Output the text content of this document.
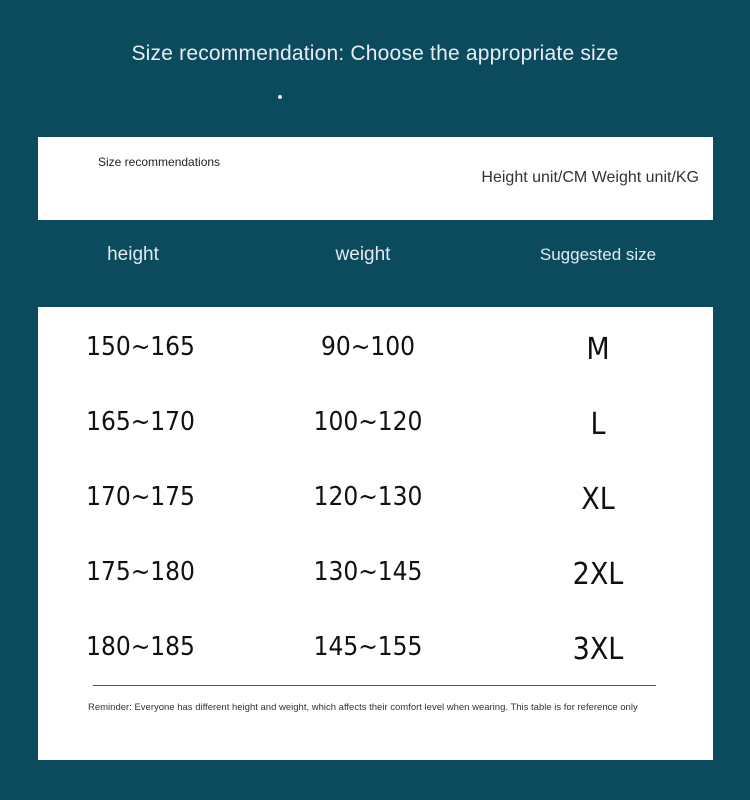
Size recommendation: Choose the appropriate size
Size recommendations
Height unit/CM Weight unit/KG
height	weight	Suggested size
150~165	90~100	M
165~170	100~120	L
170~175	120~130	XL
175~180	130~145	2XL
180~185	145~155	3XL
Reminder: Everyone has different height and weight, which affects their comfort level when wearing. This table is for reference only
